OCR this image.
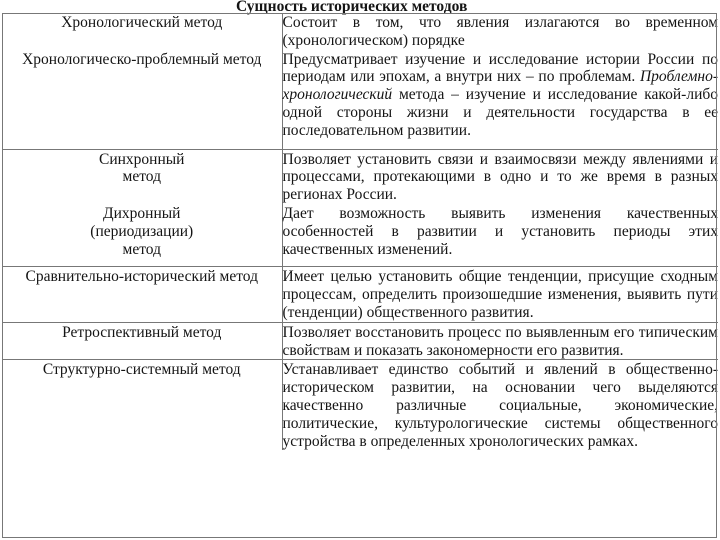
Сущность исторических методов
Хронологический метод	Состоит в том, что явления излагаются во временном (хронологическом) порядке

Хронологическо-проблемный метод	Предусматривает изучение и исследование истории России по периодам или эпохам, а внутри них – по проблемам. Проблемно-хронологический метода – изучение и исследование какой-либо одной стороны жизни и деятельности государства в ее последовательном развитии.

Синхронный метод	Позволяет установить связи и взаимосвязи между явлениями и процессами, протекающими в одно и то же время в разных регионах России.

Дихронный (периодизации) метод	Дает возможность выявить изменения качественных особенностей в развитии и установить периоды этих качественных изменений.

Сравнительно-исторический метод	Имеет целью установить общие тенденции, присущие сходным процессам, определить произошедшие изменения, выявить пути (тенденции) общественного развития.

Ретроспективный метод	Позволяет восстановить процесс по выявленным его типическим свойствам и показать закономерности его развития.

Структурно-системный метод	Устанавливает единство событий и явлений в общественно-историческом развитии, на основании чего выделяются качественно различные социальные, экономические, политические, культурологические системы общественного устройства в определенных хронологических рамках.
